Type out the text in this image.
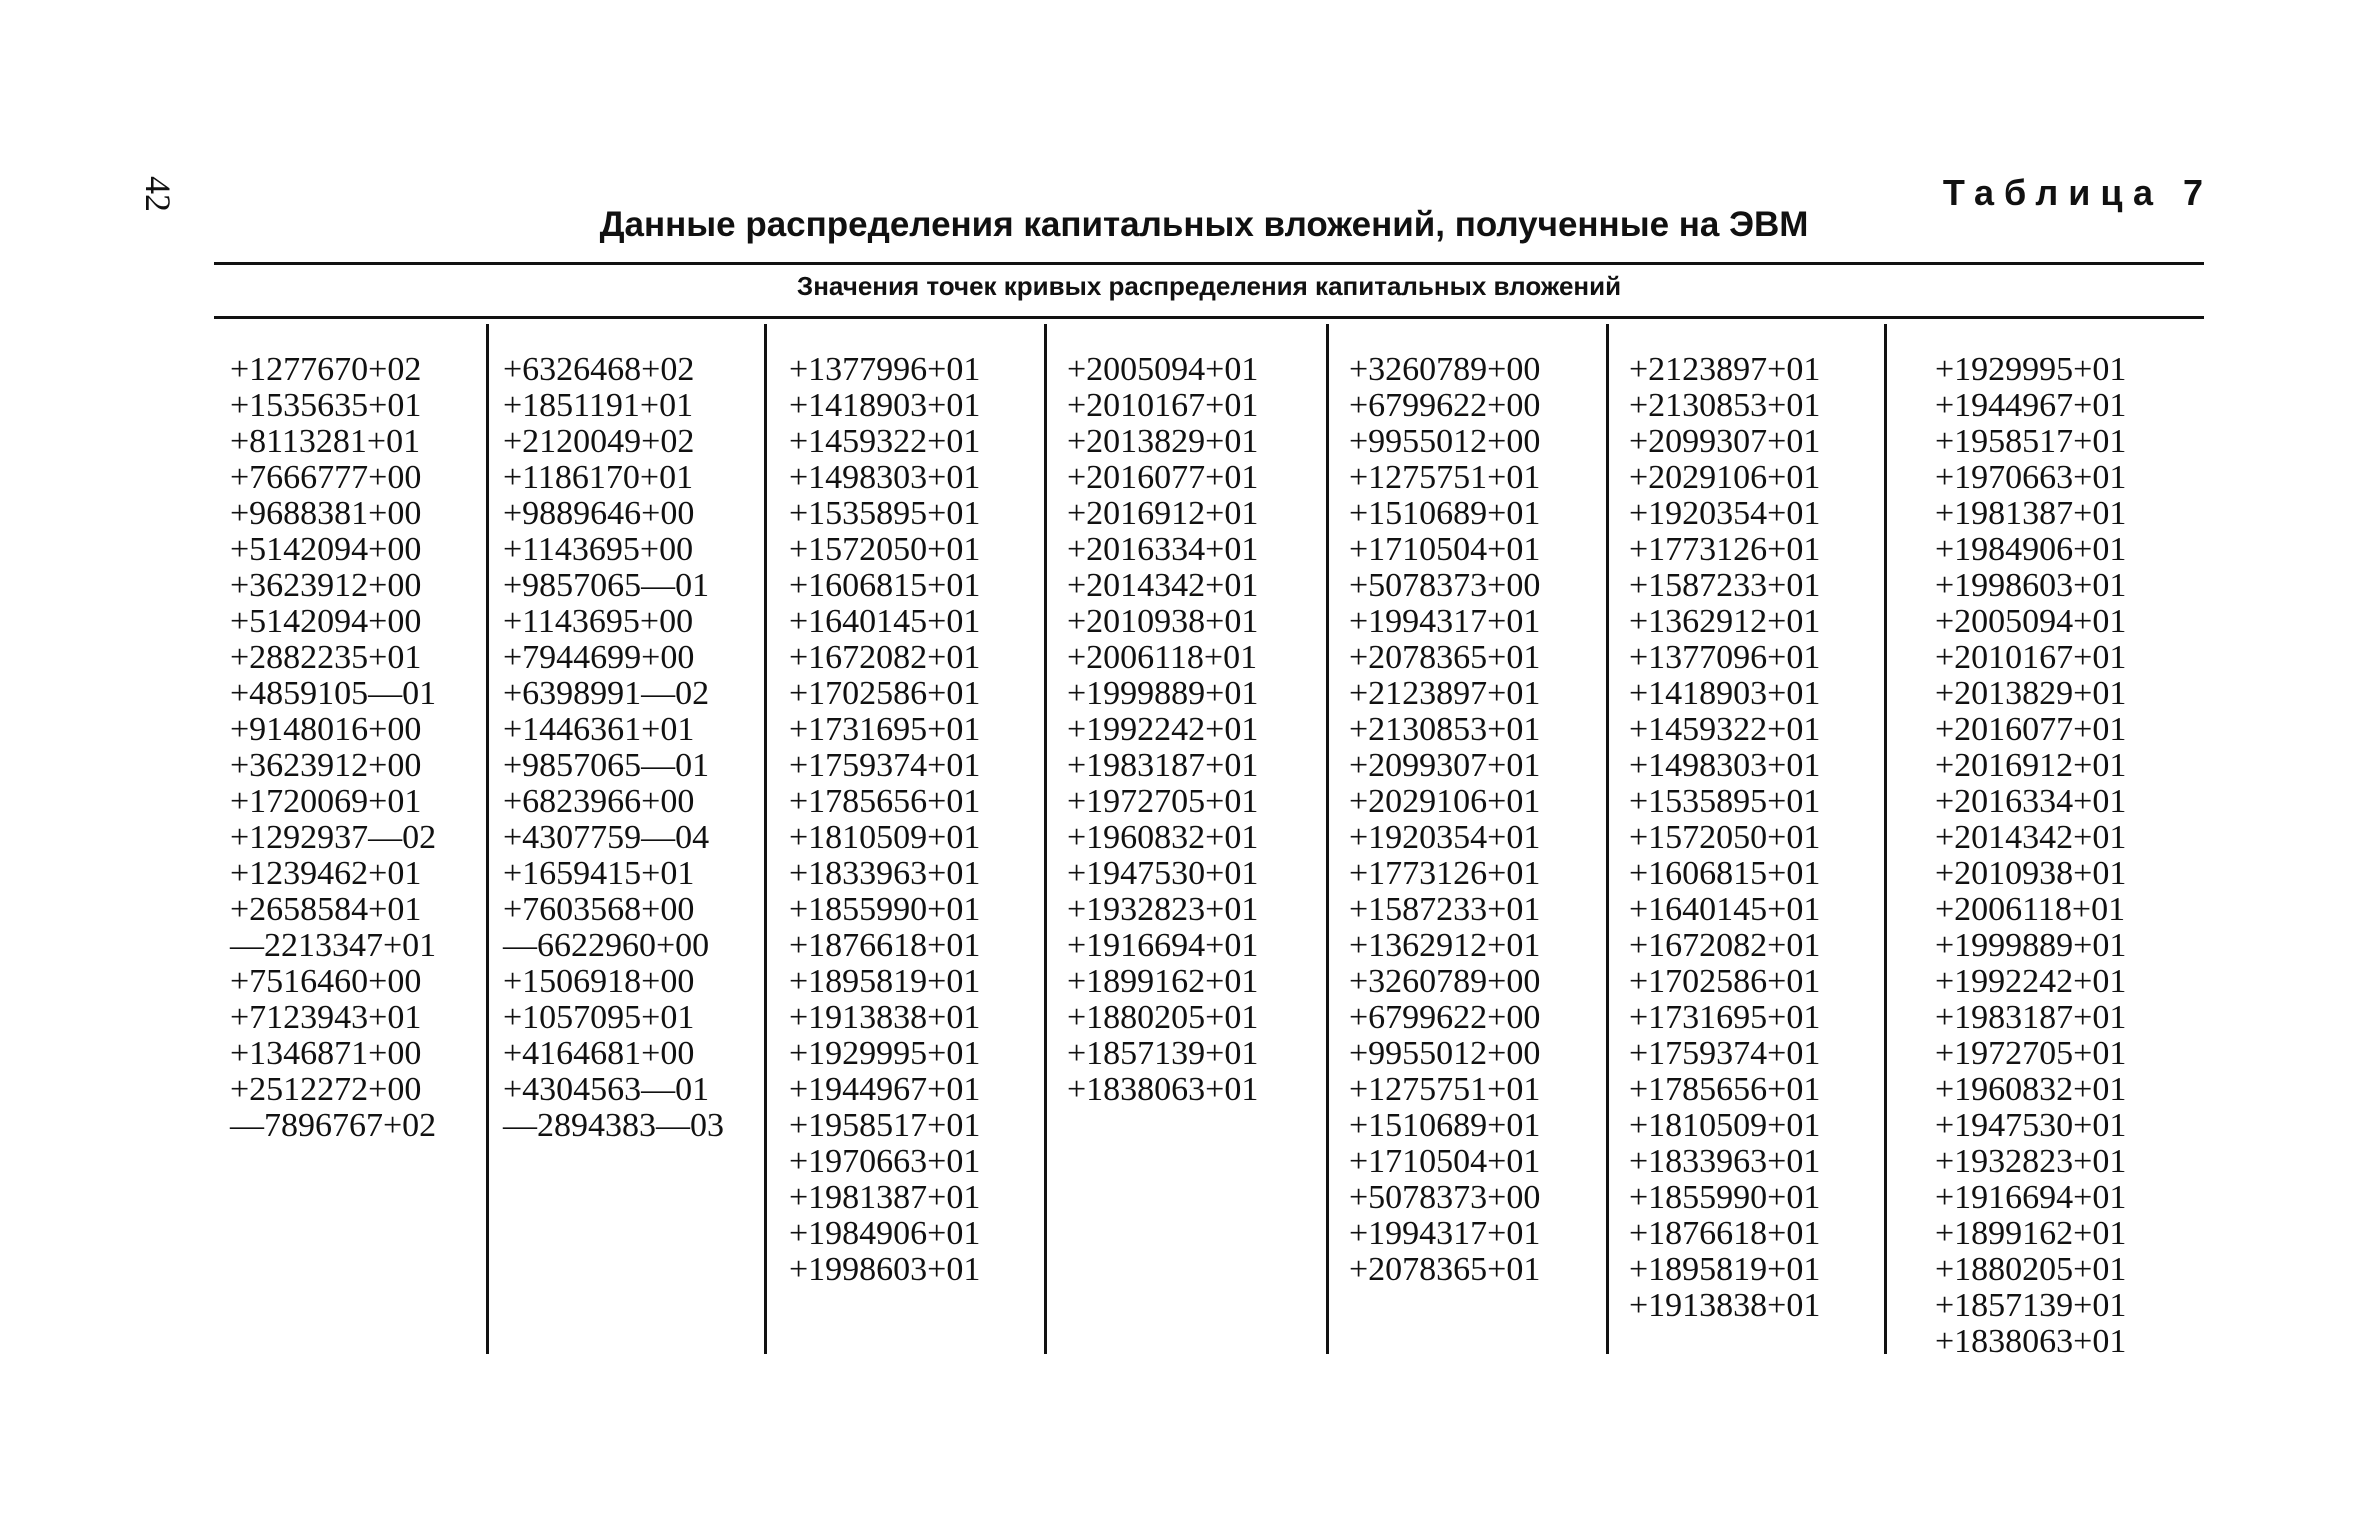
42	Таблица 7
Данные распределения капитальных вложений, полученные на ЭВМ
Значения точек кривых распределения капитальных вложений
+1277670+02
+1535635+01
+8113281+01
+7666777+00
+9688381+00
+5142094+00
+3623912+00
+5142094+00
+2882235+01
+4859105—01
+9148016+00
+3623912+00
+1720069+01
+1292937—02
+1239462+01
+2658584+01
—2213347+01
+7516460+00
+7123943+01
+1346871+00
+2512272+00
—7896767+02
+6326468+02
+1851191+01
+2120049+02
+1186170+01
+9889646+00
+1143695+00
+9857065—01
+1143695+00
+7944699+00
+6398991—02
+1446361+01
+9857065—01
+6823966+00
+4307759—04
+1659415+01
+7603568+00
—6622960+00
+1506918+00
+1057095+01
+4164681+00
+4304563—01
—2894383—03
+1377996+01
+1418903+01
+1459322+01
+1498303+01
+1535895+01
+1572050+01
+1606815+01
+1640145+01
+1672082+01
+1702586+01
+1731695+01
+1759374+01
+1785656+01
+1810509+01
+1833963+01
+1855990+01
+1876618+01
+1895819+01
+1913838+01
+1929995+01
+1944967+01
+1958517+01
+1970663+01
+1981387+01
+1984906+01
+1998603+01
+2005094+01
+2010167+01
+2013829+01
+2016077+01
+2016912+01
+2016334+01
+2014342+01
+2010938+01
+2006118+01
+1999889+01
+1992242+01
+1983187+01
+1972705+01
+1960832+01
+1947530+01
+1932823+01
+1916694+01
+1899162+01
+1880205+01
+1857139+01
+1838063+01
+3260789+00
+6799622+00
+9955012+00
+1275751+01
+1510689+01
+1710504+01
+5078373+00
+1994317+01
+2078365+01
+2123897+01
+2130853+01
+2099307+01
+2029106+01
+1920354+01
+1773126+01
+1587233+01
+1362912+01
+3260789+00
+6799622+00
+9955012+00
+1275751+01
+1510689+01
+1710504+01
+5078373+00
+1994317+01
+2078365+01
+2123897+01
+2130853+01
+2099307+01
+2029106+01
+1920354+01
+1773126+01
+1587233+01
+1362912+01
+1377096+01
+1418903+01
+1459322+01
+1498303+01
+1535895+01
+1572050+01
+1606815+01
+1640145+01
+1672082+01
+1702586+01
+1731695+01
+1759374+01
+1785656+01
+1810509+01
+1833963+01
+1855990+01
+1876618+01
+1895819+01
+1913838+01
+1929995+01
+1944967+01
+1958517+01
+1970663+01
+1981387+01
+1984906+01
+1998603+01
+2005094+01
+2010167+01
+2013829+01
+2016077+01
+2016912+01
+2016334+01
+2014342+01
+2010938+01
+2006118+01
+1999889+01
+1992242+01
+1983187+01
+1972705+01
+1960832+01
+1947530+01
+1932823+01
+1916694+01
+1899162+01
+1880205+01
+1857139+01
+1838063+01
